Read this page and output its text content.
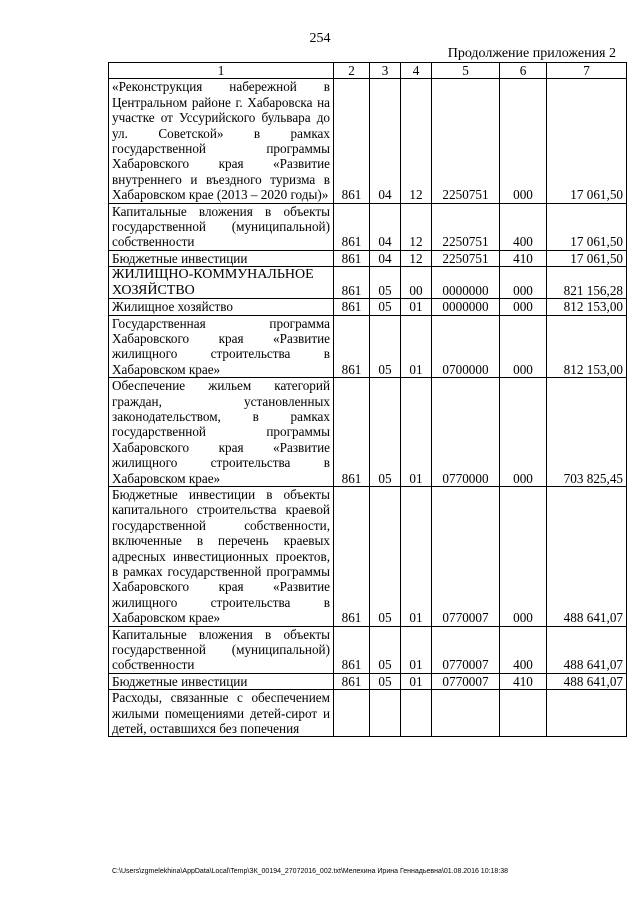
254
Продолжение приложения 2
1	2	3	4	5	6	7
«Реконструкция набережной в Центральном районе г. Хабаровска на участке от Уссурийского бульвара до ул. Советской» в рамках государственной программы Хабаровского края «Развитие внутреннего и въездного туризма в Хабаровском крае (2013 – 2020 годы)»	861	04	12	2250751	000	17 061,50
Капитальные вложения в объекты государственной (муниципальной) собственности	861	04	12	2250751	400	17 061,50
Бюджетные инвестиции	861	04	12	2250751	410	17 061,50
ЖИЛИЩНО-КОММУНАЛЬНОЕ ХОЗЯЙСТВО	861	05	00	0000000	000	821 156,28
Жилищное хозяйство	861	05	01	0000000	000	812 153,00
Государственная программа Хабаровского края «Развитие жилищного строительства в Хабаровском крае»	861	05	01	0700000	000	812 153,00
Обеспечение жильем категорий граждан, установленных законодательством, в рамках государственной программы Хабаровского края «Развитие жилищного строительства в Хабаровском крае»	861	05	01	0770000	000	703 825,45
Бюджетные инвестиции в объекты капитального строительства краевой государственной собственности, включенные в перечень краевых адресных инвестиционных проектов, в рамках государственной программы Хабаровского края «Развитие жилищного строительства в Хабаровском крае»	861	05	01	0770007	000	488 641,07
Капитальные вложения в объекты государственной (муниципальной) собственности	861	05	01	0770007	400	488 641,07
Бюджетные инвестиции	861	05	01	0770007	410	488 641,07
Расходы, связанные с обеспечением жилыми помещениями детей-сирот и детей, оставшихся без попечения						
C:\Users\zgmelekhina\AppData\Local\Temp\ЗК_00194_27072016_002.txt\Мелехина Ирина Геннадьевна\01.08.2016 10:18:38
